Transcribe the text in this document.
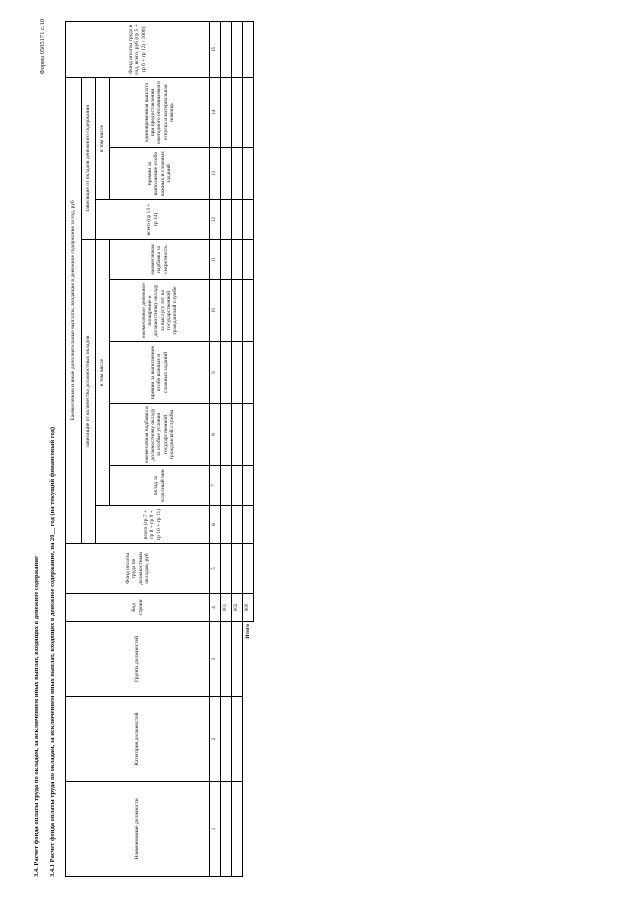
3.4. Расчет фонда оплаты труда по окладам, за исключением иных выплат, входящих в денежное содержание 3.4.1 Расчет фонда оплаты труда по окладам, за исключением иных выплат, входящих в денежное содержание, на 20__ год (на текущий финансовый год)
Форма 0505171 с.10
Наименование должности	Категория должностей	Группа должностей	Код строки	Фонд оплаты труда по должностным окладам, руб	Ежемесячные и иные дополнительные выплаты, входящие в денежное содержание за год, руб									Фонд оплаты труда в год, всего, руб (гр 5 + гр 6 + гр 12) / 1000)
					зависящие от количества должностных окладов						зависящие от окладов денежного содержания			
					всего (гр 7 + гр 8 + гр 9 + гр 10 + гр 11)	в том числе					всего (гр 13 + гр 14)	в том числе		
						оклад за классный чин	ежемесячная надбавка к должностному окладу за особые условия государственной гражданской службы	премии за выполнение особо важных и сложных заданий	ежемесячное денежное поощрение к должностному окладу за выслугу лет на государственной гражданской службе	ежемесячная надбавка за секретность		премии за выполнение особо важных и сложных заданий	единовременная выплата при предоставлении ежегодного оплачиваемого отпуска и материальная помощь	
1	2	3	4	5	6	7	8	9	10	11	12	13	14	15
			001											
			002											
Итого			900											
